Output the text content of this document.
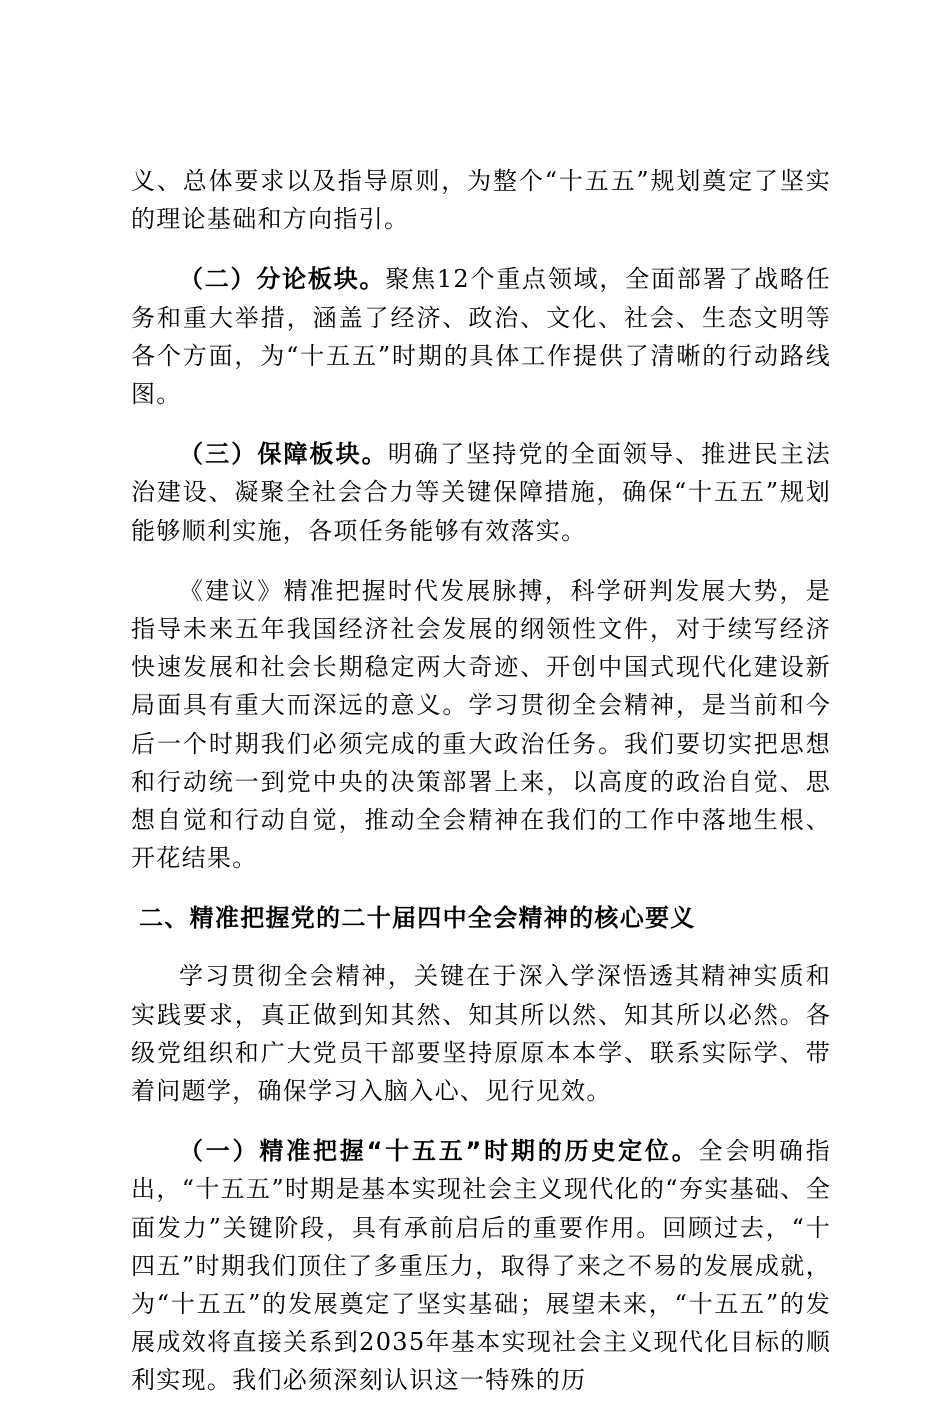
义、总体要求以及指导原则，为整个“十五五”规划奠定了坚实的理论基础和方向指引。

（二）分论板块。聚焦12个重点领域，全面部署了战略任务和重大举措，涵盖了经济、政治、文化、社会、生态文明等各个方面，为“十五五”时期的具体工作提供了清晰的行动路线图。

（三）保障板块。明确了坚持党的全面领导、推进民主法治建设、凝聚全社会合力等关键保障措施，确保“十五五”规划能够顺利实施，各项任务能够有效落实。

《建议》精准把握时代发展脉搏，科学研判发展大势，是指导未来五年我国经济社会发展的纲领性文件，对于续写经济快速发展和社会长期稳定两大奇迹、开创中国式现代化建设新局面具有重大而深远的意义。学习贯彻全会精神，是当前和今后一个时期我们必须完成的重大政治任务。我们要切实把思想和行动统一到党中央的决策部署上来，以高度的政治自觉、思想自觉和行动自觉，推动全会精神在我们的工作中落地生根、开花结果。

二、精准把握党的二十届四中全会精神的核心要义

学习贯彻全会精神，关键在于深入学深悟透其精神实质和实践要求，真正做到知其然、知其所以然、知其所以必然。各级党组织和广大党员干部要坚持原原本本学、联系实际学、带着问题学，确保学习入脑入心、见行见效。

（一）精准把握“十五五”时期的历史定位。全会明确指出，“十五五”时期是基本实现社会主义现代化的“夯实基础、全面发力”关键阶段，具有承前启后的重要作用。回顾过去，“十四五”时期我们顶住了多重压力，取得了来之不易的发展成就，为“十五五”的发展奠定了坚实基础；展望未来，“十五五”的发展成效将直接关系到2035年基本实现社会主义现代化目标的顺利实现。我们必须深刻认识这一特殊的历
